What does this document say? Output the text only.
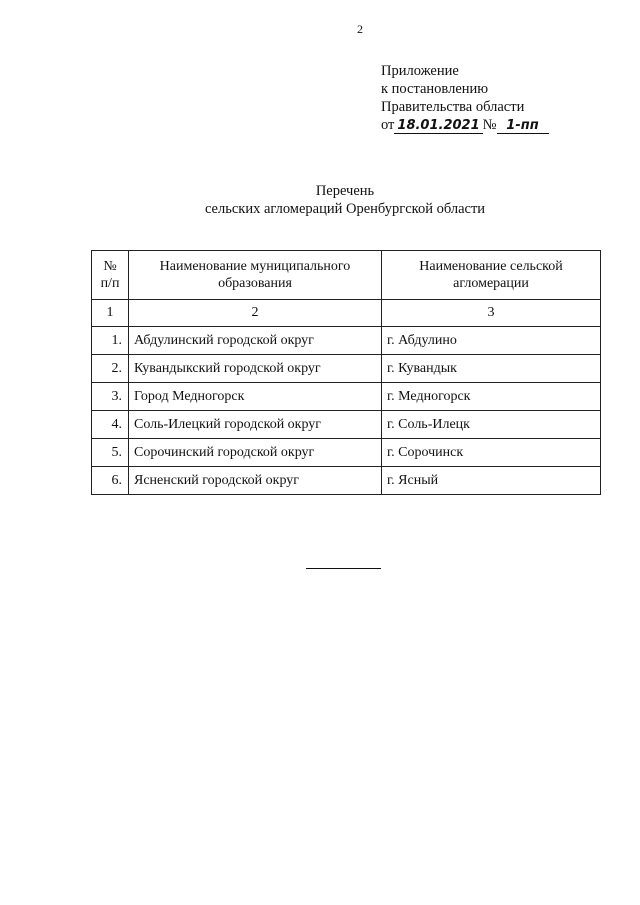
2
Приложение
к постановлению
Правительства области
от 18.01.2021 № 1-пп
Перечень
сельских агломераций Оренбургской области
№ п/п	Наименование муниципального образования	Наименование сельской агломерации
1	2	3
1.	Абдулинский городской округ	г. Абдулино
2.	Кувандыкский городской округ	г. Кувандык
3.	Город Медногорск	г. Медногорск
4.	Соль-Илецкий городской округ	г. Соль-Илецк
5.	Сорочинский городской округ	г. Сорочинск
6.	Ясненский городской округ	г. Ясный
